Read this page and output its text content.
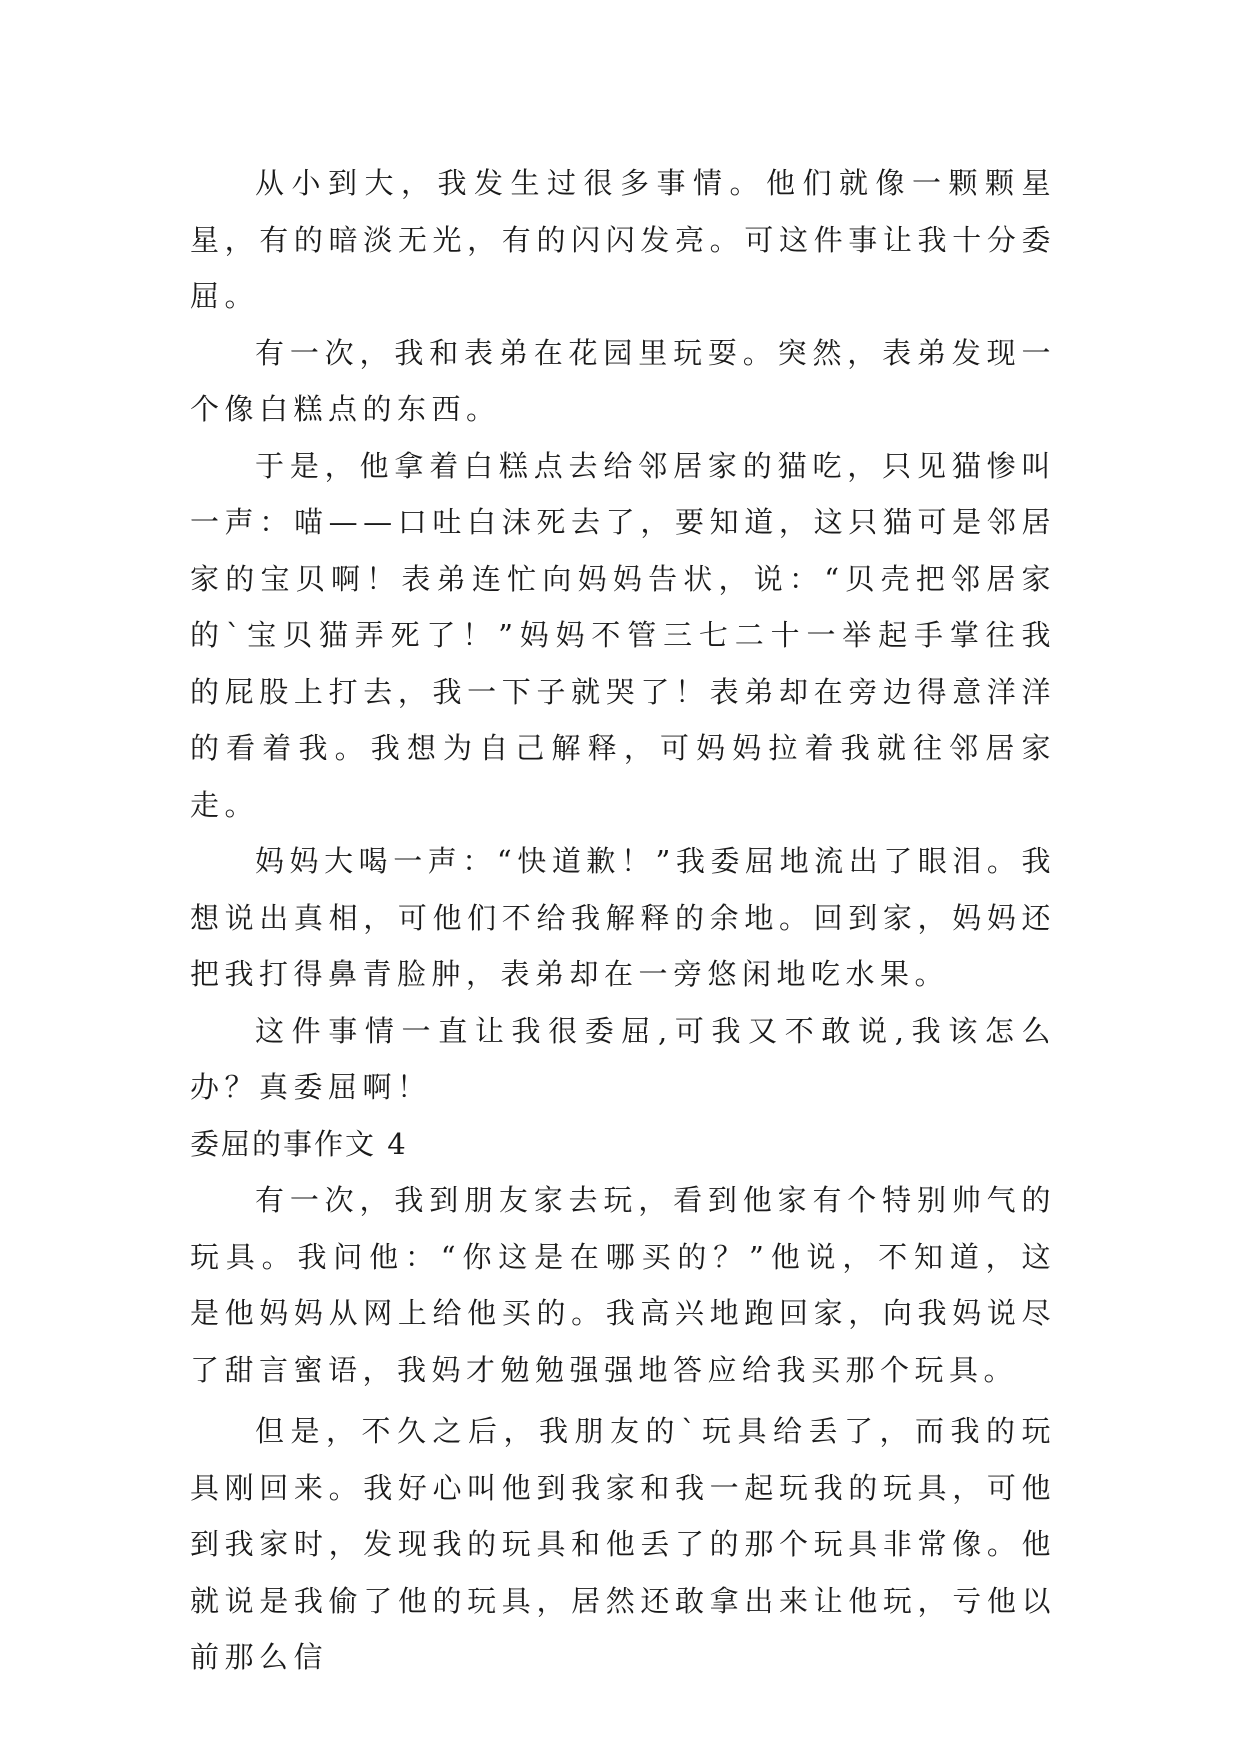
从小到大，我发生过很多事情。他们就像一颗颗星星，有的暗淡无光，有的闪闪发亮。可这件事让我十分委屈。

有一次，我和表弟在花园里玩耍。突然，表弟发现一个像白糕点的东西。

于是，他拿着白糕点去给邻居家的猫吃，只见猫惨叫一声：喵——口吐白沫死去了，要知道，这只猫可是邻居家的宝贝啊！表弟连忙向妈妈告状，说：“贝壳把邻居家的`宝贝猫弄死了！”妈妈不管三七二十一举起手掌往我的屁股上打去，我一下子就哭了！表弟却在旁边得意洋洋的看着我。我想为自己解释，可妈妈拉着我就往邻居家走。

妈妈大喝一声：“快道歉！”我委屈地流出了眼泪。我想说出真相，可他们不给我解释的余地。回到家，妈妈还把我打得鼻青脸肿，表弟却在一旁悠闲地吃水果。

这件事情一直让我很委屈,可我又不敢说,我该怎么办？真委屈啊！

委屈的事作文 4

有一次，我到朋友家去玩，看到他家有个特别帅气的玩具。我问他：“你这是在哪买的？”他说，不知道，这是他妈妈从网上给他买的。我高兴地跑回家，向我妈说尽了甜言蜜语，我妈才勉勉强强地答应给我买那个玩具。

但是，不久之后，我朋友的`玩具给丢了，而我的玩具刚回来。我好心叫他到我家和我一起玩我的玩具，可他到我家时，发现我的玩具和他丢了的那个玩具非常像。他就说是我偷了他的玩具，居然还敢拿出来让他玩，亏他以前那么信
